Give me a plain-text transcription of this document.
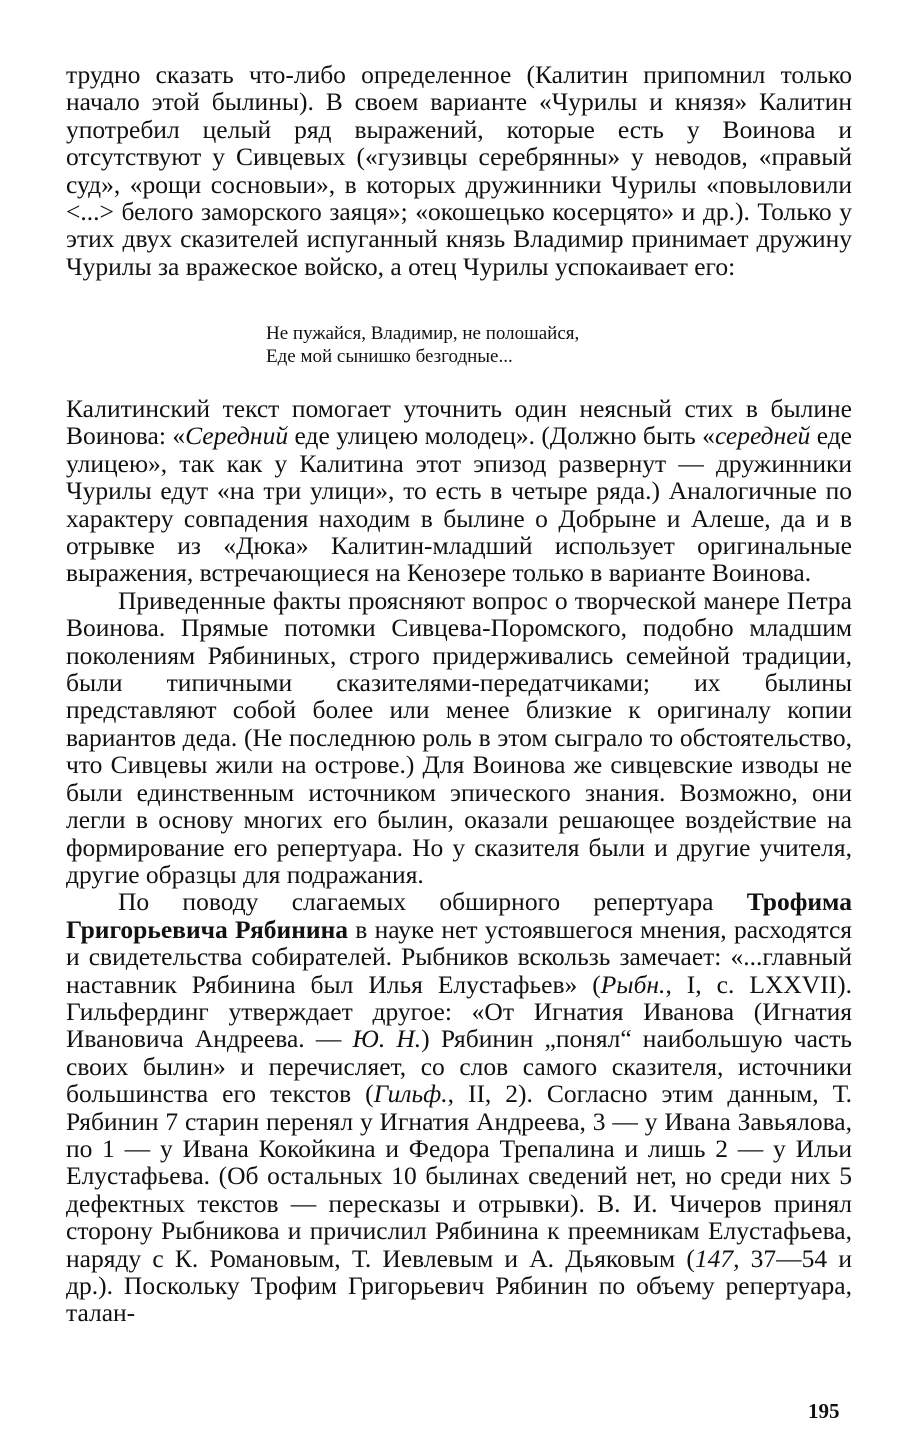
трудно сказать что-либо определенное (Калитин припомнил только начало этой былины). В своем варианте «Чурилы и князя» Калитин употребил целый ряд выражений, которые есть у Воинова и отсутствуют у Сивцевых («гузивцы серебрянны» у неводов, «правый суд», «рощи сосновыи», в которых дружинники Чурилы «повыловили <...> белого заморского заяця»; «окошецько косерцято» и др.). Только у этих двух сказителей испуганный князь Владимир принимает дружину Чурилы за вражеское войско, а отец Чурилы успокаивает его:

Не пужайся, Владимир, не полошайся,
Еде мой сынишко безгодные...

Калитинский текст помогает уточнить один неясный стих в былине Воинова: «Середний еде улицею молодец». (Должно быть «середней еде улицею», так как у Калитина этот эпизод развернут — дружинники Чурилы едут «на три улици», то есть в четыре ряда.) Аналогичные по характеру совпадения находим в былине о Добрыне и Алеше, да и в отрывке из «Дюка» Калитин-младший использует оригинальные выражения, встречающиеся на Кенозере только в варианте Воинова.

Приведенные факты проясняют вопрос о творческой манере Петра Воинова. Прямые потомки Сивцева-Поромского, подобно младшим поколениям Рябининых, строго придерживались семейной традиции, были типичными сказителями-передатчиками; их былины представляют собой более или менее близкие к оригиналу копии вариантов деда. (Не последнюю роль в этом сыграло то обстоятельство, что Сивцевы жили на острове.) Для Воинова же сивцевские изводы не были единственным источником эпического знания. Возможно, они легли в основу многих его былин, оказали решающее воздействие на формирование его репертуара. Но у сказителя были и другие учителя, другие образцы для подражания.

По поводу слагаемых обширного репертуара Трофима Григорьевича Рябинина в науке нет устоявшегося мнения, расходятся и свидетельства собирателей. Рыбников вскользь замечает: «...главный наставник Рябинина был Илья Елустафьев» (Рыбн., I, с. LXXVII). Гильфердинг утверждает другое: «От Игнатия Иванова (Игнатия Ивановича Андреева. — Ю. Н.) Рябинин „понял“ наибольшую часть своих былин» и перечисляет, со слов самого сказителя, источники большинства его текстов (Гильф., II, 2). Согласно этим данным, Т. Рябинин 7 старин перенял у Игнатия Андреева, 3 — у Ивана Завьялова, по 1 — у Ивана Кокойкина и Федора Трепалина и лишь 2 — у Ильи Елустафьева. (Об остальных 10 былинах сведений нет, но среди них 5 дефектных текстов — пересказы и отрывки). В. И. Чичеров принял сторону Рыбникова и причислил Рябинина к преемникам Елустафьева, наряду с К. Романовым, Т. Иевлевым и А. Дьяковым (147, 37—54 и др.). Поскольку Трофим Григорьевич Рябинин по объему репертуара, талан-

195
